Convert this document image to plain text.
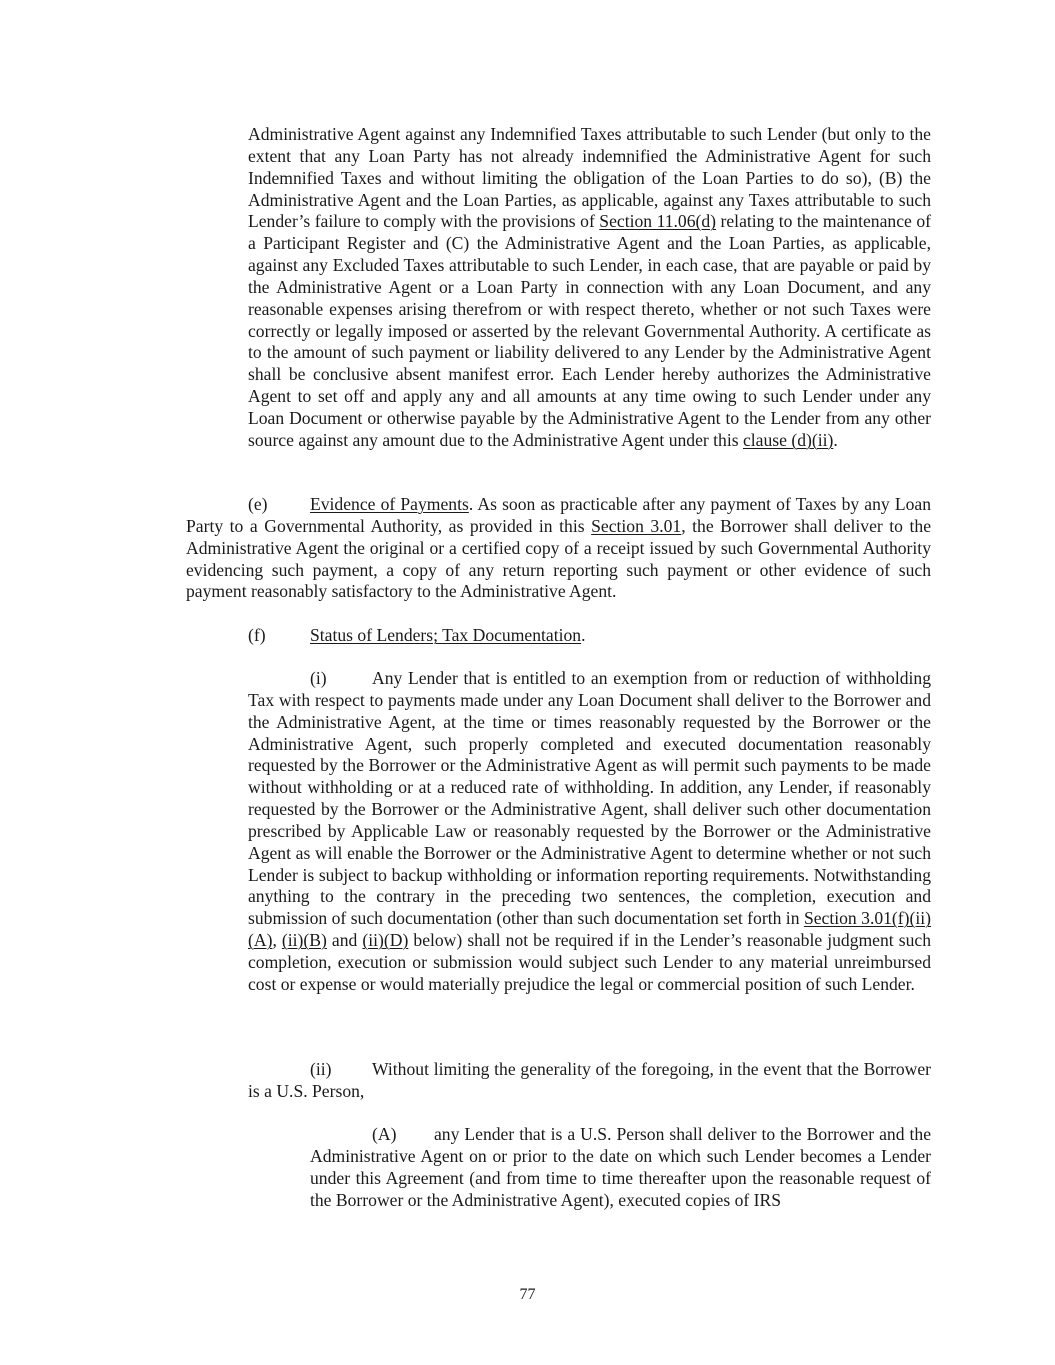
Administrative Agent against any Indemnified Taxes attributable to such Lender (but only to the extent that any Loan Party has not already indemnified the Administrative Agent for such Indemnified Taxes and without limiting the obligation of the Loan Parties to do so), (B) the Administrative Agent and the Loan Parties, as applicable, against any Taxes attributable to such Lender’s failure to comply with the provisions of Section 11.06(d) relating to the maintenance of a Participant Register and (C) the Administrative Agent and the Loan Parties, as applicable, against any Excluded Taxes attributable to such Lender, in each case, that are payable or paid by the Administrative Agent or a Loan Party in connection with any Loan Document, and any reasonable expenses arising therefrom or with respect thereto, whether or not such Taxes were correctly or legally imposed or asserted by the relevant Governmental Authority. A certificate as to the amount of such payment or liability delivered to any Lender by the Administrative Agent shall be conclusive absent manifest error. Each Lender hereby authorizes the Administrative Agent to set off and apply any and all amounts at any time owing to such Lender under any Loan Document or otherwise payable by the Administrative Agent to the Lender from any other source against any amount due to the Administrative Agent under this clause (d)(ii).

(e) Evidence of Payments. As soon as practicable after any payment of Taxes by any Loan Party to a Governmental Authority, as provided in this Section 3.01, the Borrower shall deliver to the Administrative Agent the original or a certified copy of a receipt issued by such Governmental Authority evidencing such payment, a copy of any return reporting such payment or other evidence of such payment reasonably satisfactory to the Administrative Agent.

(f)	Status of Lenders; Tax Documentation.

(i)	Any Lender that is entitled to an exemption from or reduction of withholding Tax with respect to payments made under any Loan Document shall deliver to the Borrower and the Administrative Agent, at the time or times reasonably requested by the Borrower or the Administrative Agent, such properly completed and executed documentation reasonably requested by the Borrower or the Administrative Agent as will permit such payments to be made without withholding or at a reduced rate of withholding. In addition, any Lender, if reasonably requested by the Borrower or the Administrative Agent, shall deliver such other documentation prescribed by Applicable Law or reasonably requested by the Borrower or the Administrative Agent as will enable the Borrower or the Administrative Agent to determine whether or not such Lender is subject to backup withholding or information reporting requirements. Notwithstanding anything to the contrary in the preceding two sentences, the completion, execution and submission of such documentation (other than such documentation set forth in Section 3.01(f)(ii)(A), (ii)(B) and (ii)(D) below) shall not be required if in the Lender’s reasonable judgment such completion, execution or submission would subject such Lender to any material unreimbursed cost or expense or would materially prejudice the legal or commercial position of such Lender.

(ii) Without limiting the generality of the foregoing, in the event that the Borrower is a U.S. Person,

(A) any Lender that is a U.S. Person shall deliver to the Borrower and the Administrative Agent on or prior to the date on which such Lender becomes a Lender under this Agreement (and from time to time thereafter upon the reasonable request of the Borrower or the Administrative Agent), executed copies of IRS

77
